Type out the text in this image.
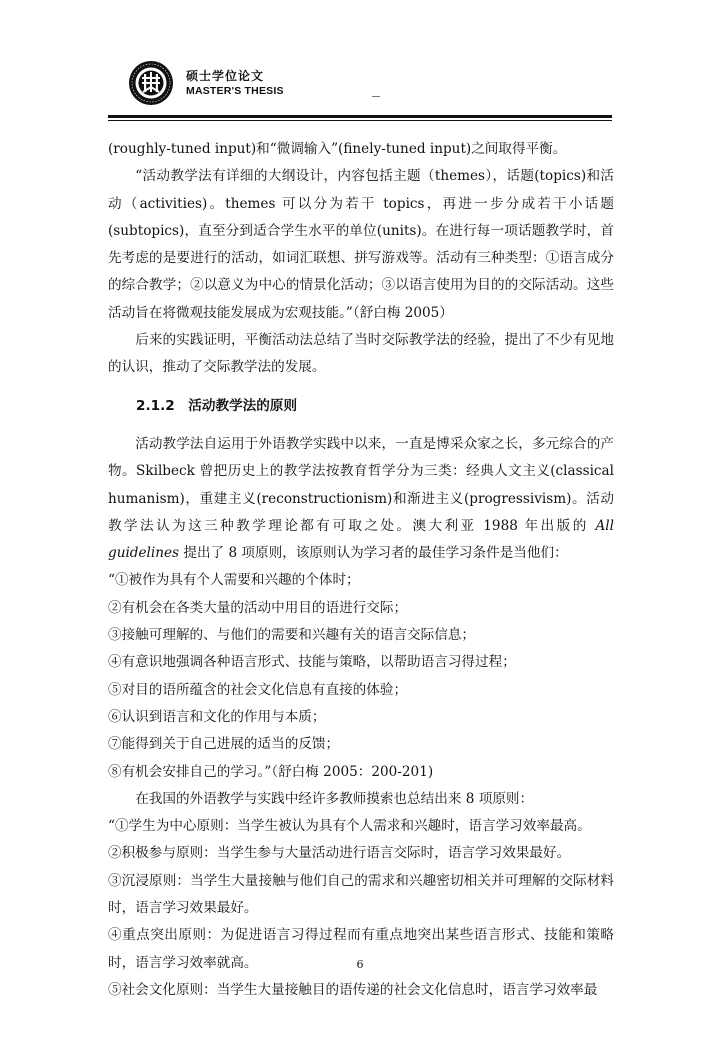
硕士学位论文
MASTER'S THESIS

(roughly-tuned input)和“微调输入”(finely-tuned input)之间取得平衡。

“活动教学法有详细的大纲设计，内容包括主题（themes），话题(topics)和活动（activities)。themes 可以分为若干 topics，再进一步分成若干小话题(subtopics)，直至分到适合学生水平的单位(units)。在进行每一项话题教学时，首先考虑的是要进行的活动，如词汇联想、拼写游戏等。活动有三种类型：①语言成分的综合教学；②以意义为中心的情景化活动；③以语言使用为目的的交际活动。这些活动旨在将微观技能发展成为宏观技能。”（舒白梅 2005）

后来的实践证明，平衡活动法总结了当时交际教学法的经验，提出了不少有见地的认识，推动了交际教学法的发展。

2.1.2　活动教学法的原则

活动教学法自运用于外语教学实践中以来，一直是博采众家之长，多元综合的产物。Skilbeck 曾把历史上的教学法按教育哲学分为三类：经典人文主义(classical humanism)，重建主义(reconstructionism)和渐进主义(progressivism)。活动教学法认为这三种教学理论都有可取之处。澳大利亚 1988 年出版的 All guidelines 提出了 8 项原则，该原则认为学习者的最佳学习条件是当他们：

“①被作为具有个人需要和兴趣的个体时；

②有机会在各类大量的活动中用目的语进行交际；

③接触可理解的、与他们的需要和兴趣有关的语言交际信息；

④有意识地强调各种语言形式、技能与策略，以帮助语言习得过程；

⑤对目的语所蕴含的社会文化信息有直接的体验；

⑥认识到语言和文化的作用与本质；

⑦能得到关于自己进展的适当的反馈；

⑧有机会安排自己的学习。”（舒白梅 2005：200-201)

在我国的外语教学与实践中经许多教师摸索也总结出来 8 项原则：

“①学生为中心原则：当学生被认为具有个人需求和兴趣时，语言学习效率最高。

②积极参与原则：当学生参与大量活动进行语言交际时，语言学习效果最好。

③沉浸原则：当学生大量接触与他们自己的需求和兴趣密切相关并可理解的交际材料时，语言学习效果最好。

④重点突出原则：为促进语言习得过程而有重点地突出某些语言形式、技能和策略时，语言学习效率就高。

⑤社会文化原则：当学生大量接触目的语传递的社会文化信息时，语言学习效率最

6
